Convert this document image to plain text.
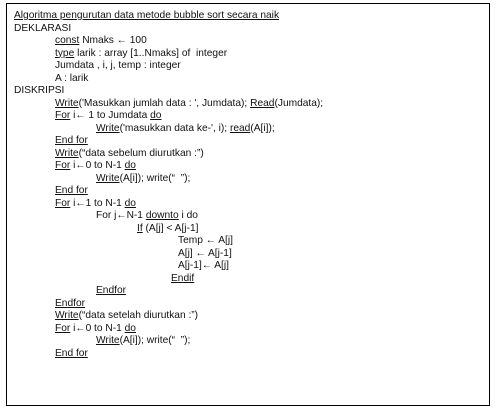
Algoritma pengurutan data metode bubble sort secara naik
DEKLARASI
const Nmaks ← 100
type larik : array [1..Nmaks] of  integer
Jumdata , i, j, temp : integer
A : larik
DISKRIPSI
Write('Masukkan jumlah data : ', Jumdata); Read(Jumdata);
For i← 1 to Jumdata do
Write('masukkan data ke-', i); read(A[i]);
End for
Write(“data sebelum diurutkan :”)
For i←0 to N-1 do
Write(A[i]); write(“  ”);
End for
For i←1 to N-1 do
For j←N-1 downto i do
If (A[j] < A[j-1]
Temp ← A[j]
A[j] ← A[j-1]
A[j-1]← A[j]
Endif
Endfor
Endfor
Write(“data setelah diurutkan :”)
For i←0 to N-1 do
Write(A[i]); write(“  ”);
End for
